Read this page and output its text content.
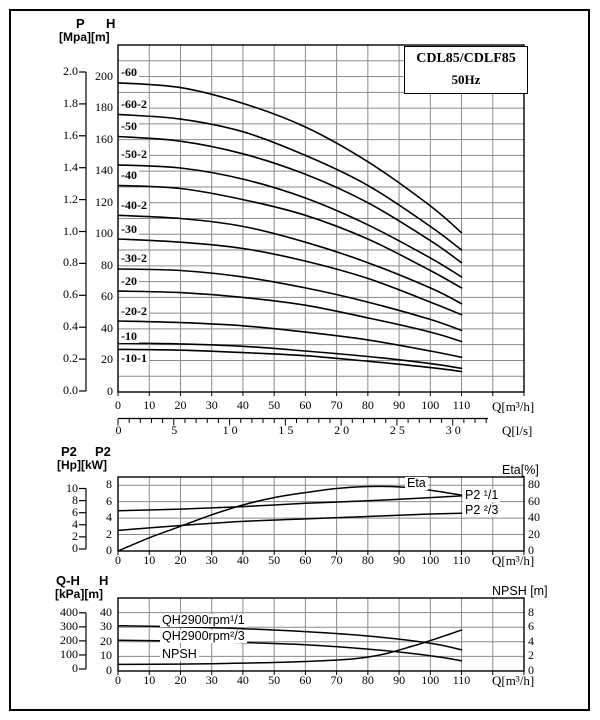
2.0
1.8
1.6
1.4
1.2
1.0
0.8
0.6
0.4
0.2
0.0
200
180
160
140
120
100
80
60
40
20
0
0	10	20	30	40	50	60	70	80	90	100	110
0	5	10	15	20	25	30
10
8
6
4
2
0
8
6
4
2
0
80
60
40
20
0
0	10	20	30	40	50	60	70	80	90	100	110
400
300
200
100
0
40
30
20
10
0
8
6
4
2
0
0	10	20	30	40	50	60	70	80	90	100	110
P H
[Mpa][m]
CDL85/CDLF85
50Hz
-60
-60-2
-50
-50-2
-40
-40-2
-30
-30-2
-20
-20-2
-10
-10-1
Q[m³/h]
Q[l/s]
P2 P2
[Hp][kW]	Eta[%]
Eta
P2 ¹/1
P2 ²/3
Q[m³/h]
Q-H H
[kPa][m]	NPSH [m]
QH2900rpm¹/1
QH2900rpm²/3
NPSH
Q[m³/h]
